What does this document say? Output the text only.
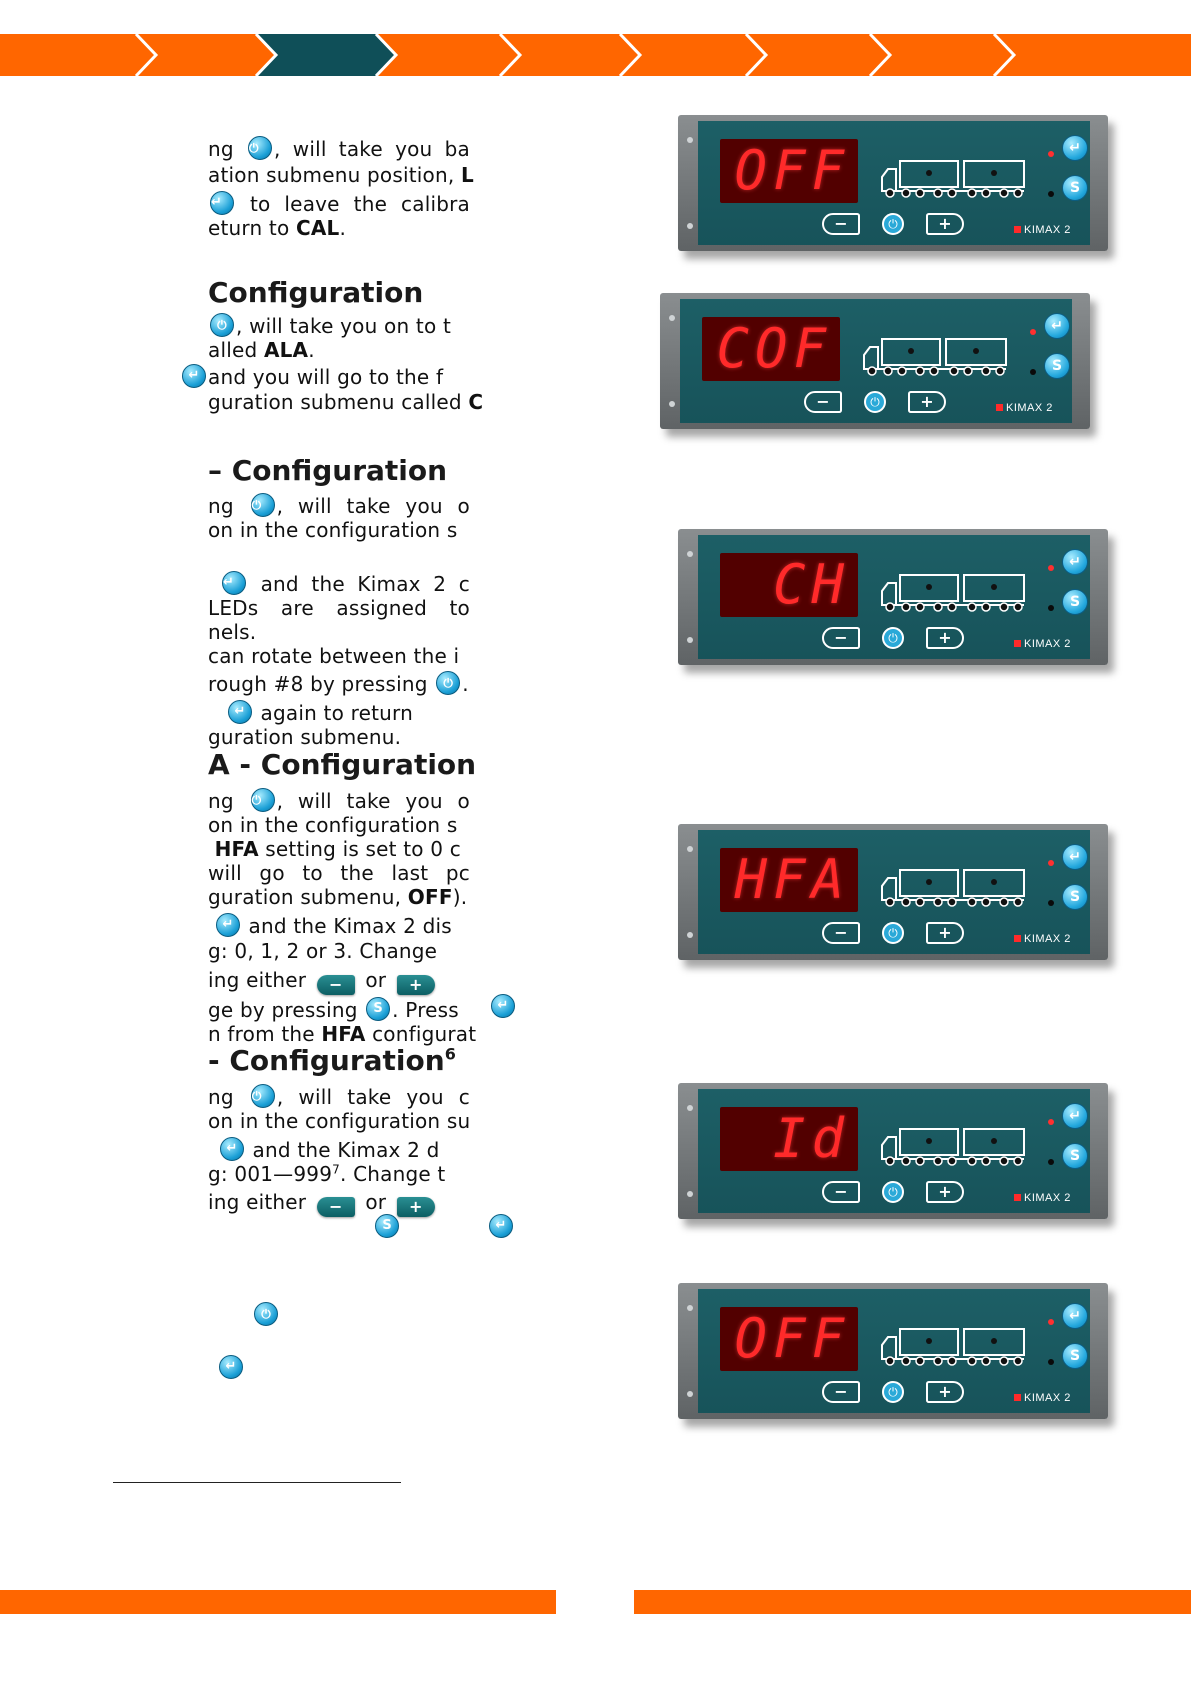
ng ⏻ , will take you ba
ation submenu position, L
↵ to leave the calibra
eturn to CAL.
Configuration
⏻, will take you on to t
alled ALA.
↵
and you will go to the f
guration submenu called C
– Configuration
ng ⏻ , will take you o
on in the configuration s
↵ and the Kimax 2 c
LEDs are assigned to
nels.
can rotate between the i
rough #8 by pressing ⏻ .
↵ again to return
guration submenu.
A - Configuration
ng ⏻ , will take you o
on in the configuration s
HFA setting is set to 0 c
will go to the last pc
guration submenu, OFF).
↵ and the Kimax 2 dis
g: 0, 1, 2 or 3. Change
ing either − or +
ge by pressing S . Press
↵
n from the HFA configurat
- Configuration$^6$
ng ⏻ , will take you c
on in the configuration su
↵ and the Kimax 2 d
g: $001—999^7$. Change t
ing either − or +
S
↵
⏻
↵
OFF	↵
S
−	⏻	+	KIMAX 2
COF	↵
S
−	⏻	+	KIMAX 2
CH	↵
S
−	⏻	+	KIMAX 2
HFA	↵
S
−	⏻	+	KIMAX 2
Id	↵
S
−	⏻	+	KIMAX 2
OFF	↵
S
−	⏻	+	KIMAX 2
